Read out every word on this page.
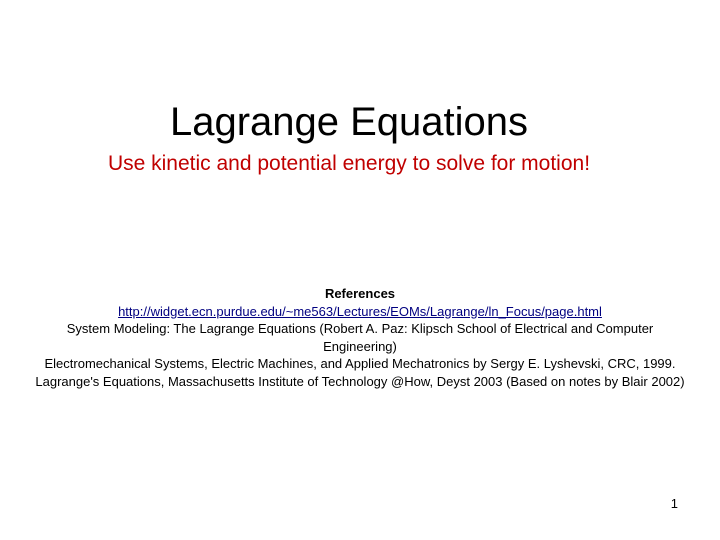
Lagrange Equations
Use kinetic and potential energy to solve for motion!
References
http://widget.ecn.purdue.edu/~me563/Lectures/EOMs/Lagrange/ln_Focus/page.html
System Modeling: The Lagrange Equations (Robert A. Paz: Klipsch School of Electrical and Computer Engineering)
Electromechanical Systems, Electric Machines, and Applied Mechatronics by Sergy E. Lyshevski, CRC, 1999.
Lagrange's Equations, Massachusetts Institute of Technology @How, Deyst 2003 (Based on notes by Blair 2002)
1
